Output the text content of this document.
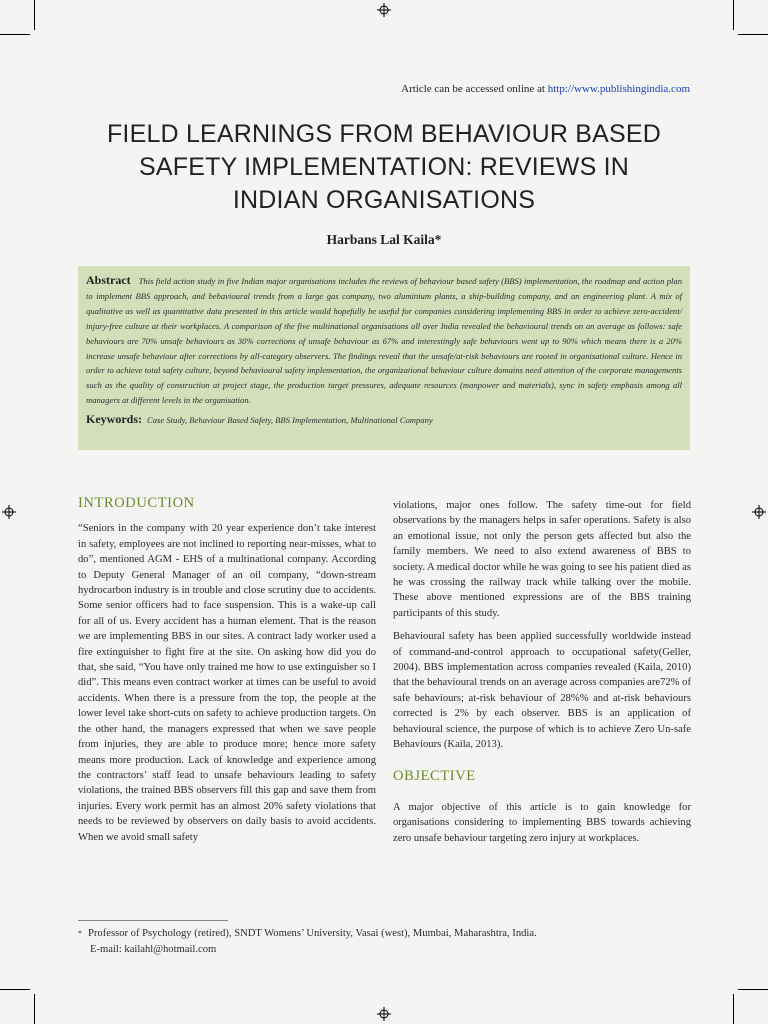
Article can be accessed online at http://www.publishingindia.com
FIELD LEARNINGS FROM BEHAVIOUR BASED SAFETY IMPLEMENTATION: REVIEWS IN INDIAN ORGANISATIONS
Harbans Lal Kaila*

Abstract This field action study in five Indian major organisations includes the reviews of behaviour based safety (BBS) implementation, the roadmap and action plan to implement BBS approach, and behavioural trends from a large gas company, two aluminium plants, a ship-building company, and an engineering plant. A mix of qualitative as well as quantitative data presented in this article would hopefully be useful for companies considering implementing BBS in order to achieve zero-accident/ injury-free culture at their workplaces. A comparison of the five multinational organisations all over India revealed the behavioural trends on an average as follows: safe behaviours are 70% unsafe behaviours as 30% corrections of unsafe behaviour as 67% and interestingly safe behaviours went up to 90% which means there is a 20% increase unsafe behaviour after corrections by all-category observers. The findings reveal that the unsafe/at-risk behaviours are rooted in organisational culture. Hence in order to achieve total safety culture, beyond behavioural safety implementation, the organizational behaviour culture domains need attention of the corporate managements such as the quality of construction at project stage, the production target pressures, adequate resources (manpower and materials), sync in safety emphasis among all managers at different levels in the organisation.

Keywords: Case Study, Behaviour Based Safety, BBS Implementation, Multinational Company
INTRODUCTION

“Seniors in the company with 20 year experience don’t take interest in safety, employees are not inclined to reporting near-misses, what to do”, mentioned AGM - EHS of a multinational company. According to Deputy General Manager of an oil company, “down-stream hydrocarbon industry is in trouble and close scrutiny due to accidents. Some senior officers had to face suspension. This is a wake-up call for all of us. Every accident has a human element. That is the reason we are implementing BBS in our sites. A contract lady worker used a fire extinguisher to fight fire at the site. On asking how did you do that, she said, “You have only trained me how to use extinguisher so I did”. This means even contract worker at times can be useful to avoid accidents. When there is a pressure from the top, the people at the lower level take short-cuts on safety to achieve production targets. On the other hand, the managers expressed that when we save people from injuries, they are able to produce more; hence more safety means more production. Lack of knowledge and experience among the contractors’ staff lead to unsafe behaviours leading to safety violations, the trained BBS observers fill this gap and save them from injuries. Every work permit has an almost 20% safety violations that needs to be reviewed by observers on daily basis to avoid accidents. When we avoid small safety

violations, major ones follow. The safety time-out for field observations by the managers helps in safer operations. Safety is also an emotional issue, not only the person gets affected but also the family members. We need to also extend awareness of BBS to society. A medical doctor while he was going to see his patient died as he was crossing the railway track while talking over the mobile. These above mentioned expressions are of the BBS training participants of this study.

Behavioural safety has been applied successfully worldwide instead of command-and-control approach to occupational safety(Geller, 2004). BBS implementation across companies revealed (Kaila, 2010) that the behavioural trends on an average across companies are72% of safe behaviours; at-risk behaviour of 28%% and at-risk behaviours corrected is 2% by each observer. BBS is an application of behavioural science, the purpose of which is to achieve Zero Un-safe Behaviours (Kaila, 2013).

OBJECTIVE

A major objective of this article is to gain knowledge for organisations considering to implementing BBS towards achieving zero unsafe behaviour targeting zero injury at workplaces.

* Professor of Psychology (retired), SNDT Womens’ University, Vasai (west), Mumbai, Maharashtra, India.
E-mail: kailahl@hotmail.com
